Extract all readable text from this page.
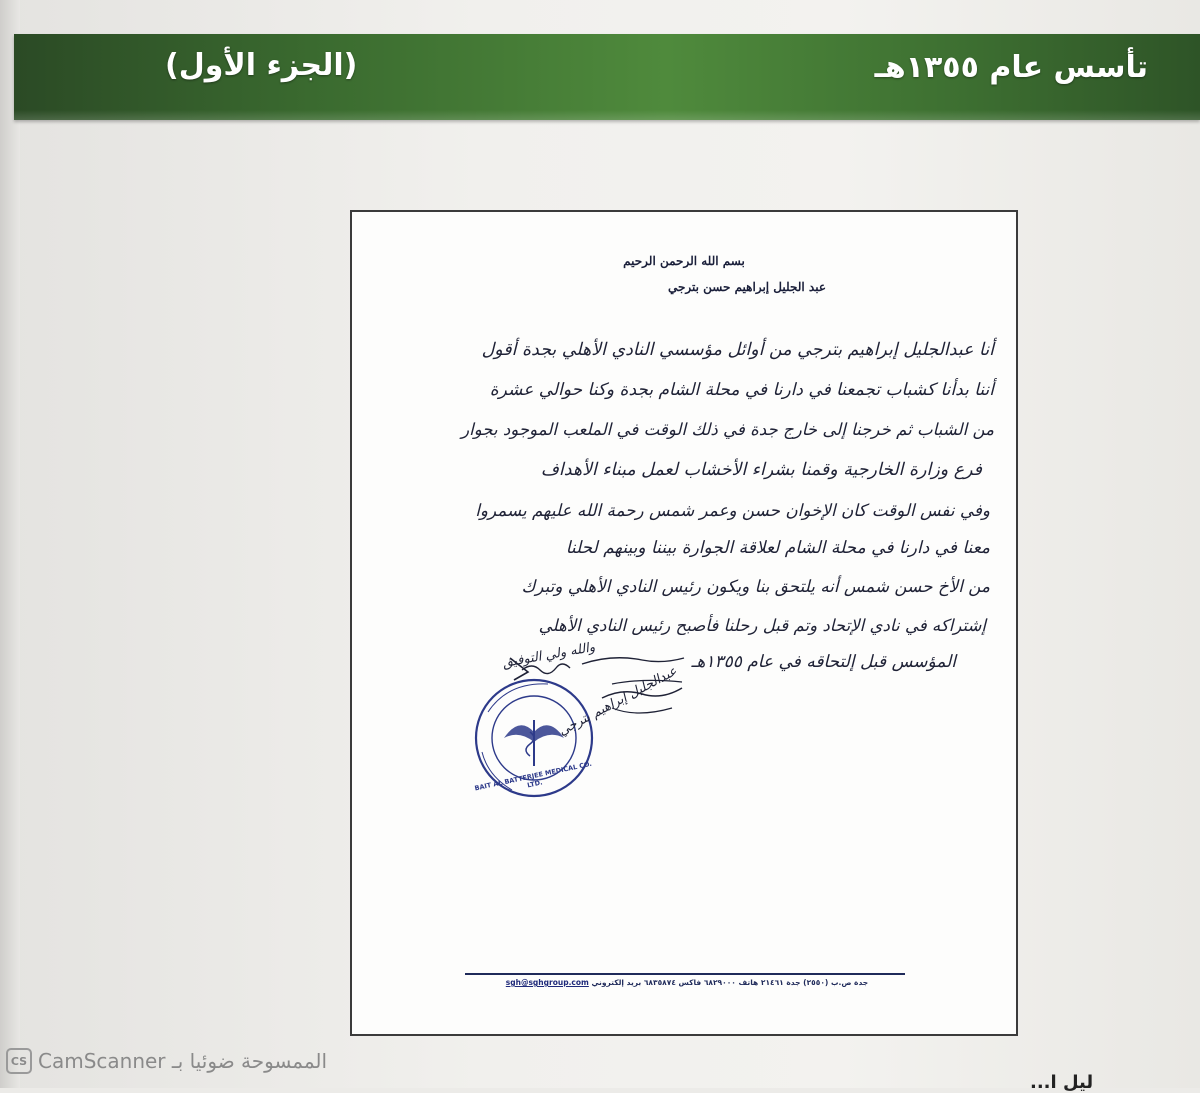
تأسس عام ١٣٥٥هـ
(الجزء الأول)
بسم الله الرحمن الرحيم
عبد الجليل إبراهيم حسن بترجي
أنا عبدالجليل إبراهيم بترجي من أوائل مؤسسي النادي الأهلي بجدة أقول
أننا بدأنا كشباب تجمعنا في دارنا في محلة الشام بجدة وكنا حوالي عشرة
من الشباب ثم خرجنا إلى خارج جدة في ذلك الوقت في الملعب الموجود بجوار
فرع وزارة الخارجية وقمنا بشراء الأخشاب لعمل مبناء الأهداف
وفي نفس الوقت كان الإخوان حسن وعمر شمس رحمة الله عليهم يسمروا
معنا في دارنا في محلة الشام لعلاقة الجوارة بيننا وبينهم لحلنا
من الأخ حسن شمس أنه يلتحق بنا ويكون رئيس النادي الأهلي وتبرك
إشتراكه في نادي الإتحاد وتم قبل رحلنا فأصبح رئيس النادي الأهلي
المؤسس قبل إلتحاقه في عام ١٣٥٥هـ
والله ولي التوفيق
عبدالجليل إبراهيم بترجي
BAIT AL BATTERJEE MEDICAL CO. LTD.
جدة ص.ب (٢٥٥٠) جدة ٢١٤٦١ هاتف ٦٨٢٩٠٠٠ فاكس ٦٨٣٥٨٧٤ بريد إلكتروني sgh@sghgroup.com
الممسوحة ضوئيا بـ CamScanner
CS
ليل ا...
